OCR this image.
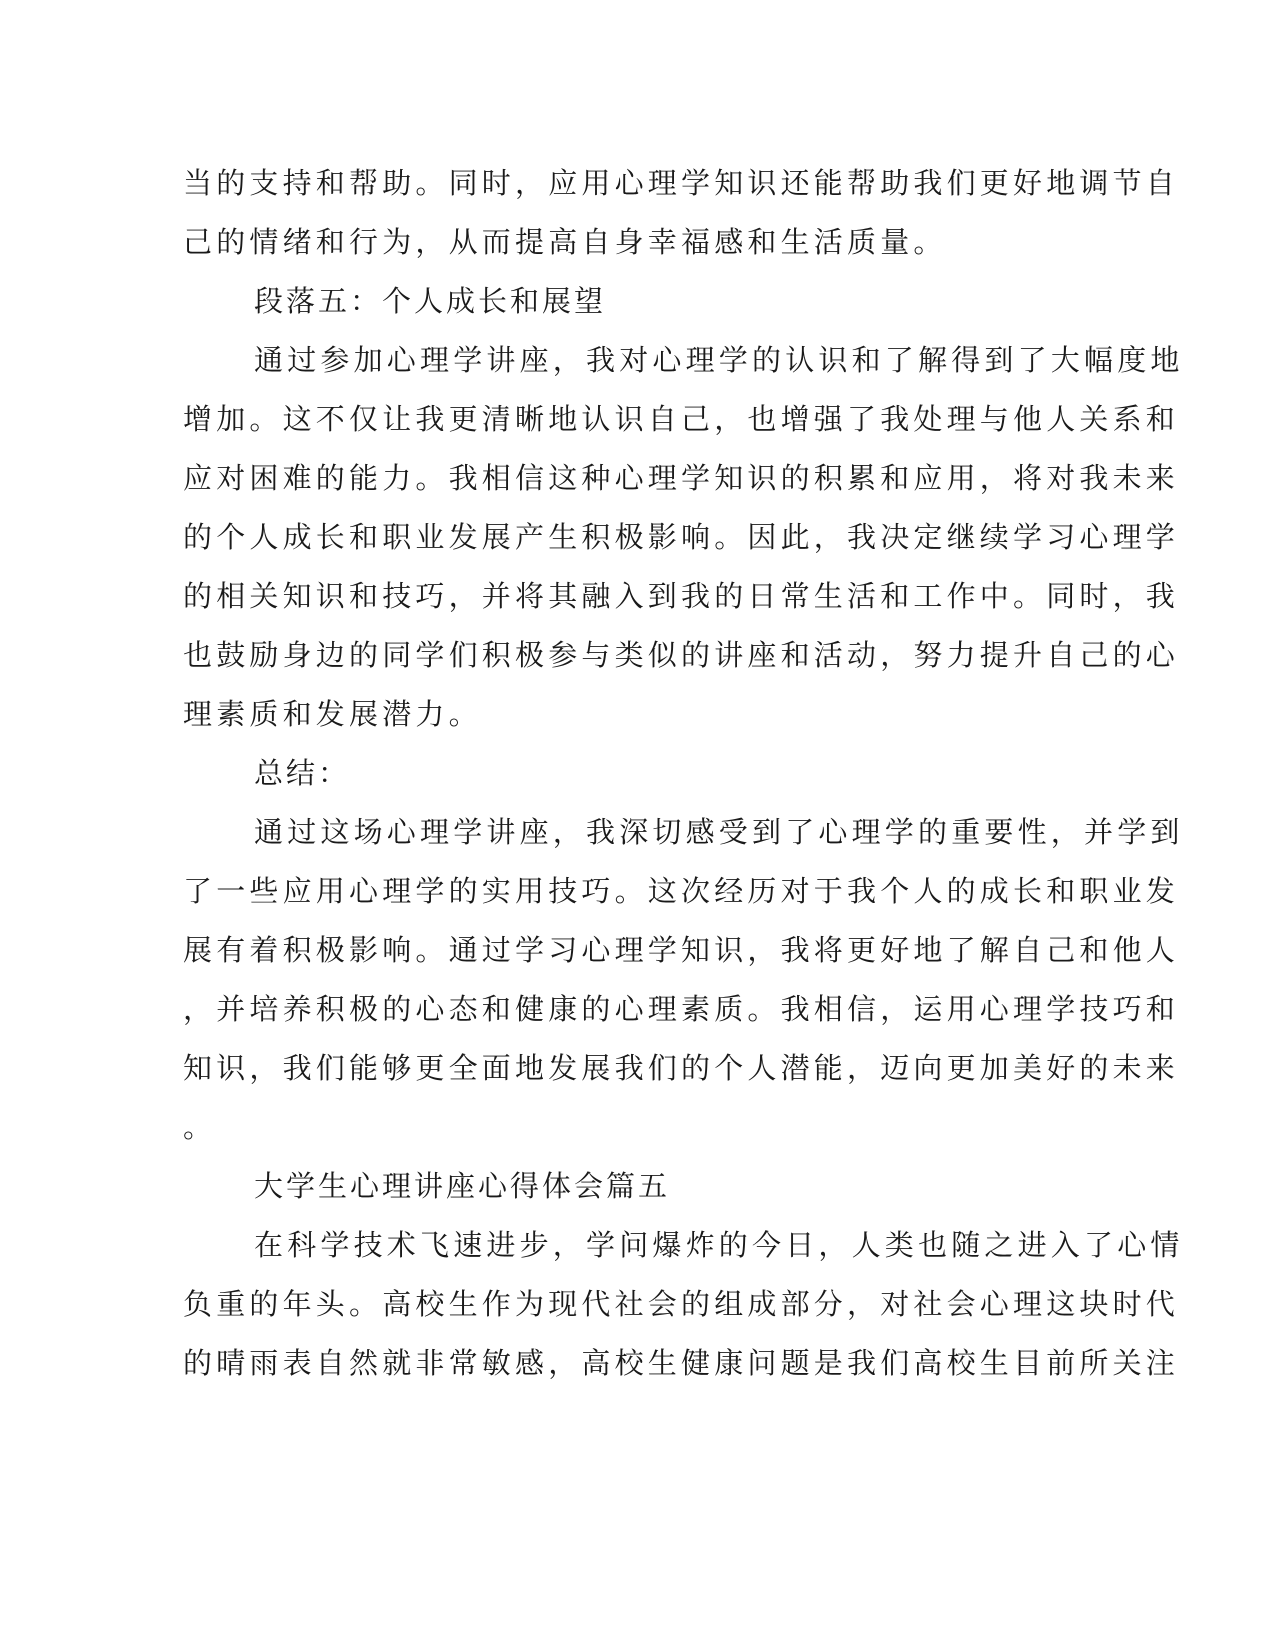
当的支持和帮助。同时，应用心理学知识还能帮助我们更好地调节自
己的情绪和行为，从而提高自身幸福感和生活质量。
段落五：个人成长和展望
通过参加心理学讲座，我对心理学的认识和了解得到了大幅度地
增加。这不仅让我更清晰地认识自己，也增强了我处理与他人关系和
应对困难的能力。我相信这种心理学知识的积累和应用，将对我未来
的个人成长和职业发展产生积极影响。因此，我决定继续学习心理学
的相关知识和技巧，并将其融入到我的日常生活和工作中。同时，我
也鼓励身边的同学们积极参与类似的讲座和活动，努力提升自己的心
理素质和发展潜力。
总结：
通过这场心理学讲座，我深切感受到了心理学的重要性，并学到
了一些应用心理学的实用技巧。这次经历对于我个人的成长和职业发
展有着积极影响。通过学习心理学知识，我将更好地了解自己和他人
，并培养积极的心态和健康的心理素质。我相信，运用心理学技巧和
知识，我们能够更全面地发展我们的个人潜能，迈向更加美好的未来
。
大学生心理讲座心得体会篇五
在科学技术飞速进步，学问爆炸的今日，人类也随之进入了心情
负重的年头。高校生作为现代社会的组成部分，对社会心理这块时代
的晴雨表自然就非常敏感，高校生健康问题是我们高校生目前所关注
